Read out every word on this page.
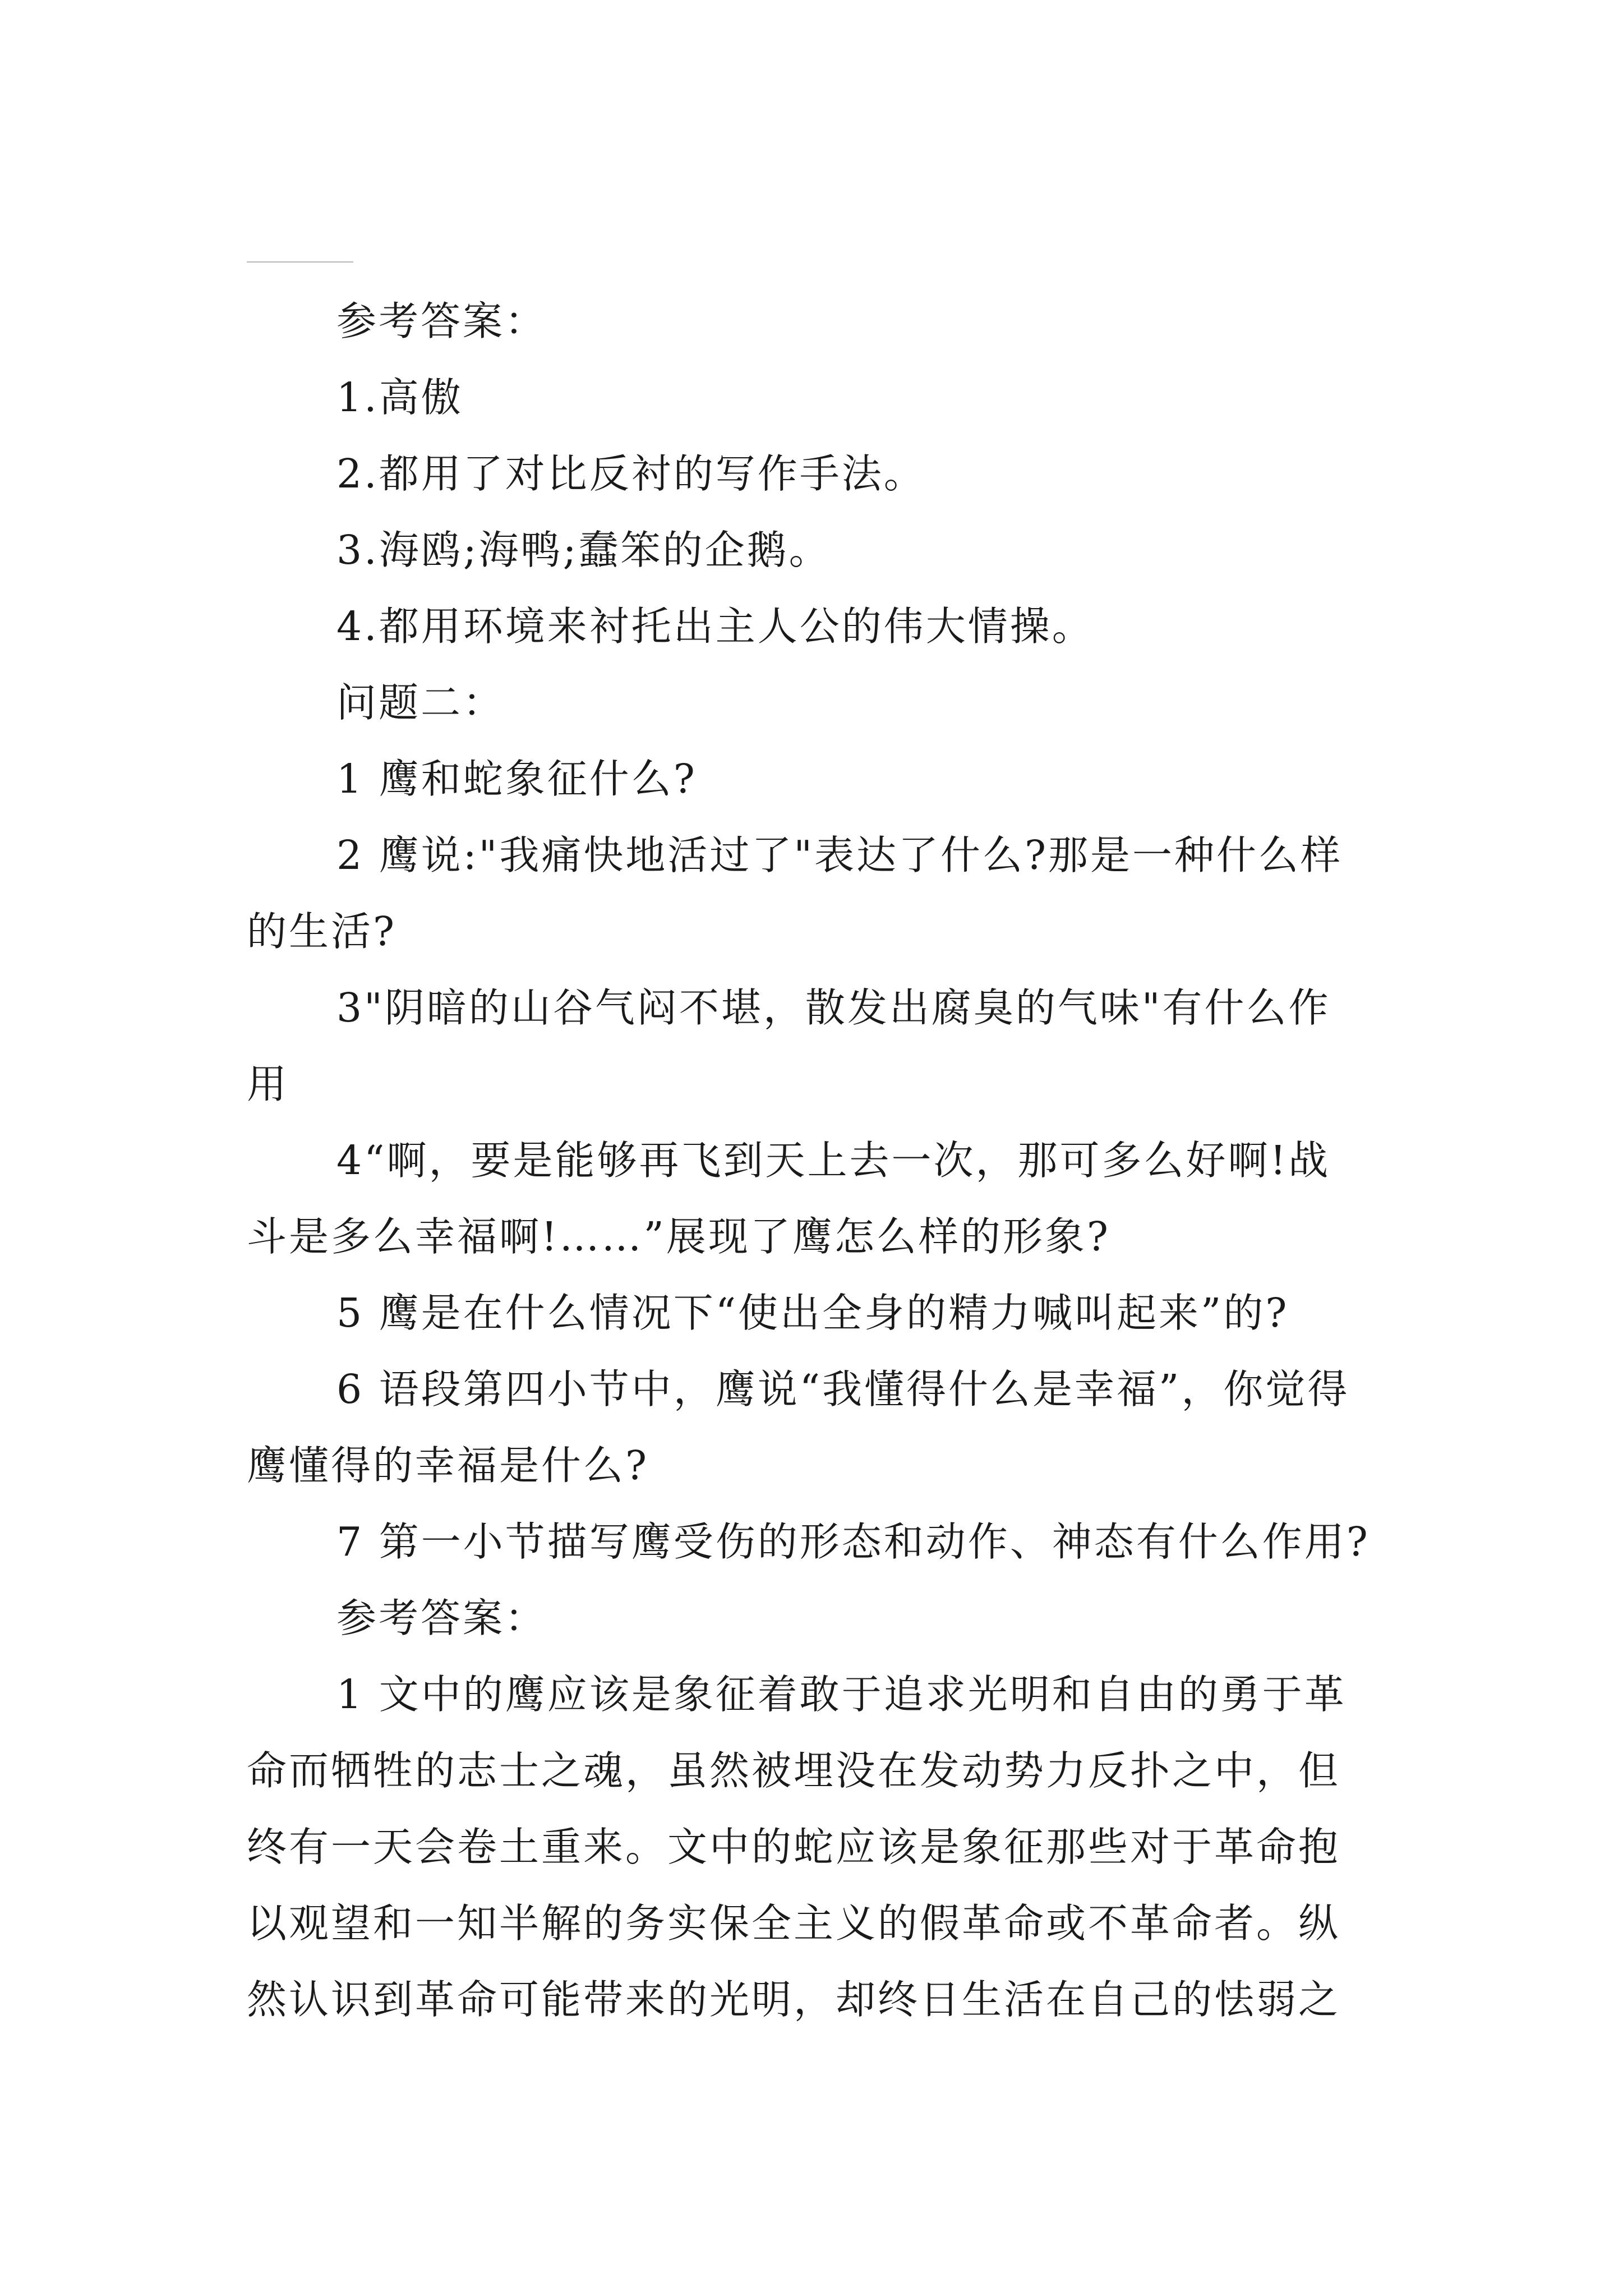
参考答案：

1.高傲

2.都用了对比反衬的写作手法。

3.海鸥;海鸭;蠢笨的企鹅。

4.都用环境来衬托出主人公的伟大情操。

问题二：

1 鹰和蛇象征什么?

2 鹰说:"我痛快地活过了"表达了什么?那是一种什么样

的生活?

3"阴暗的山谷气闷不堪，散发出腐臭的气味"有什么作

用

4“啊，要是能够再飞到天上去一次，那可多么好啊!战

斗是多么幸福啊!……”展现了鹰怎么样的形象?

5 鹰是在什么情况下“使出全身的精力喊叫起来”的?

6 语段第四小节中，鹰说“我懂得什么是幸福”，你觉得

鹰懂得的幸福是什么?

7 第一小节描写鹰受伤的形态和动作、神态有什么作用?

参考答案：

1 文中的鹰应该是象征着敢于追求光明和自由的勇于革

命而牺牲的志士之魂，虽然被埋没在发动势力反扑之中，但

终有一天会卷土重来。文中的蛇应该是象征那些对于革命抱

以观望和一知半解的务实保全主义的假革命或不革命者。纵

然认识到革命可能带来的光明，却终日生活在自己的怯弱之
